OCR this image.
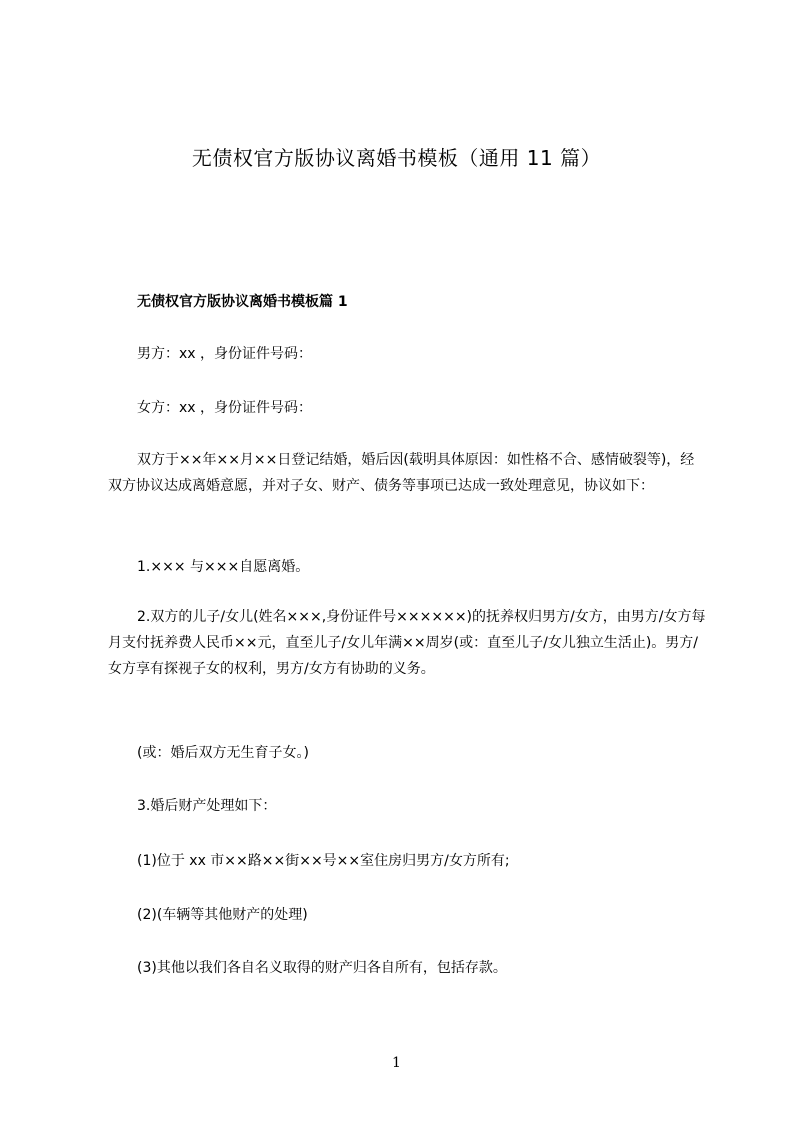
无债权官方版协议离婚书模板（通用 11 篇）
无债权官方版协议离婚书模板篇 1

男方：xx ，身份证件号码：

女方：xx ，身份证件号码：

双方于××年××月××日登记结婚，婚后因(载明具体原因：如性格不合、感情破裂等)，经双方协议达成离婚意愿，并对子女、财产、债务等事项已达成一致处理意见，协议如下：

1.××× 与×××自愿离婚。

2.双方的儿子/女儿(姓名×××,身份证件号××××××)的抚养权归男方/女方，由男方/女方每月支付抚养费人民币××元，直至儿子/女儿年满××周岁(或：直至儿子/女儿独立生活止)。男方/女方享有探视子女的权利，男方/女方有协助的义务。

(或：婚后双方无生育子女。)

3.婚后财产处理如下：

(1)位于 xx 市××路××街××号××室住房归男方/女方所有;

(2)(车辆等其他财产的处理)

(3)其他以我们各自名义取得的财产归各自所有，包括存款。

1
